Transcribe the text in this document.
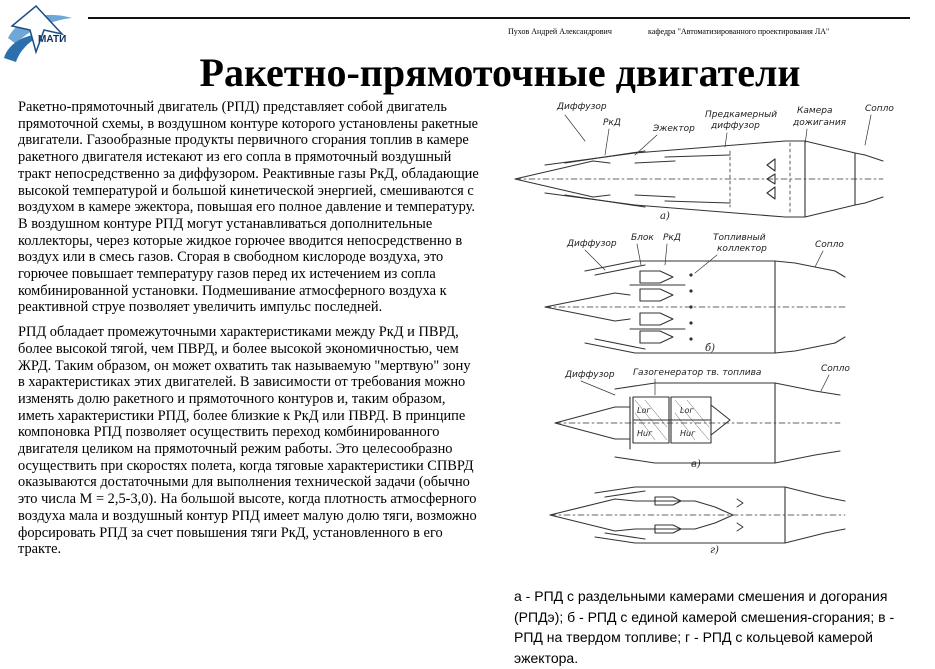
МАТИ
Пухов Андрей Александрович	кафедра "Автоматизированного проектирования ЛА"
Ракетно-прямоточные двигатели

Ракетно-прямоточный двигатель (РПД) представляет собой двигатель прямоточной схемы, в воздушном контуре которого установлены ракетные двигатели. Газообразные продукты первичного сгорания топлив в камере ракетного двигателя истекают из его сопла в прямоточный воздушный тракт непосредственно за диффузором. Реактивные газы РкД, обладающие высокой температурой и большой кинетической энергией, смешиваются с воздухом в камере эжектора, повышая его полное давление и температуру. В воздушном контуре РПД могут устанавливаться дополнительные коллекторы, через которые жидкое горючее вводится непосредственно в воздух или в смесь газов. Сгорая в свободном кислороде воздуха, это горючее повышает температуру газов перед их истечением из сопла комбинированной установки. Подмешивание атмосферного воздуха к реактивной струе позволяет увеличить импульс последней.

РПД обладает промежуточными характеристиками между РкД и ПВРД, более высокой тягой, чем ПВРД, и более высокой экономичностью, чем ЖРД. Таким образом, он может охватить так называемую "мертвую" зону в характеристиках этих двигателей. В зависимости от требования можно изменять долю ракетного и прямоточного контуров и, таким образом, иметь характеристики РПД, более близкие к РкД или ПВРД. В принципе компоновка РПД позволяет осуществить переход комбинированного двигателя целиком на прямоточный режим работы. Это целесообразно осуществить при скоростях полета, когда тяговые характеристики СПВРД оказываются достаточными для выполнения технической задачи (обычно это числа М = 2,5-3,0). На большой высоте, когда плотность атмосферного воздуха мала и воздушный контур РПД имеет малую долю тяги, возможно форсировать РПД за счет повышения тяги РкД, установленного в его тракте.

Диффузор
РкД
Эжектор
Предкамерный
диффузор
Камера
дожигания
Сопло
а)
Диффузор
Блок РкД	Топливный
коллектор	Сопло
б)
Диффузор Газогенератор тв. топлива	Сопло
Lог
Нuг
Lог
Нuг
в)
г)
а - РПД с раздельными камерами смешения и догорания (РПДэ); б - РПД с единой камерой смешения-сгорания; в - РПД на твердом топливе; г - РПД с кольцевой камерой эжектора.
